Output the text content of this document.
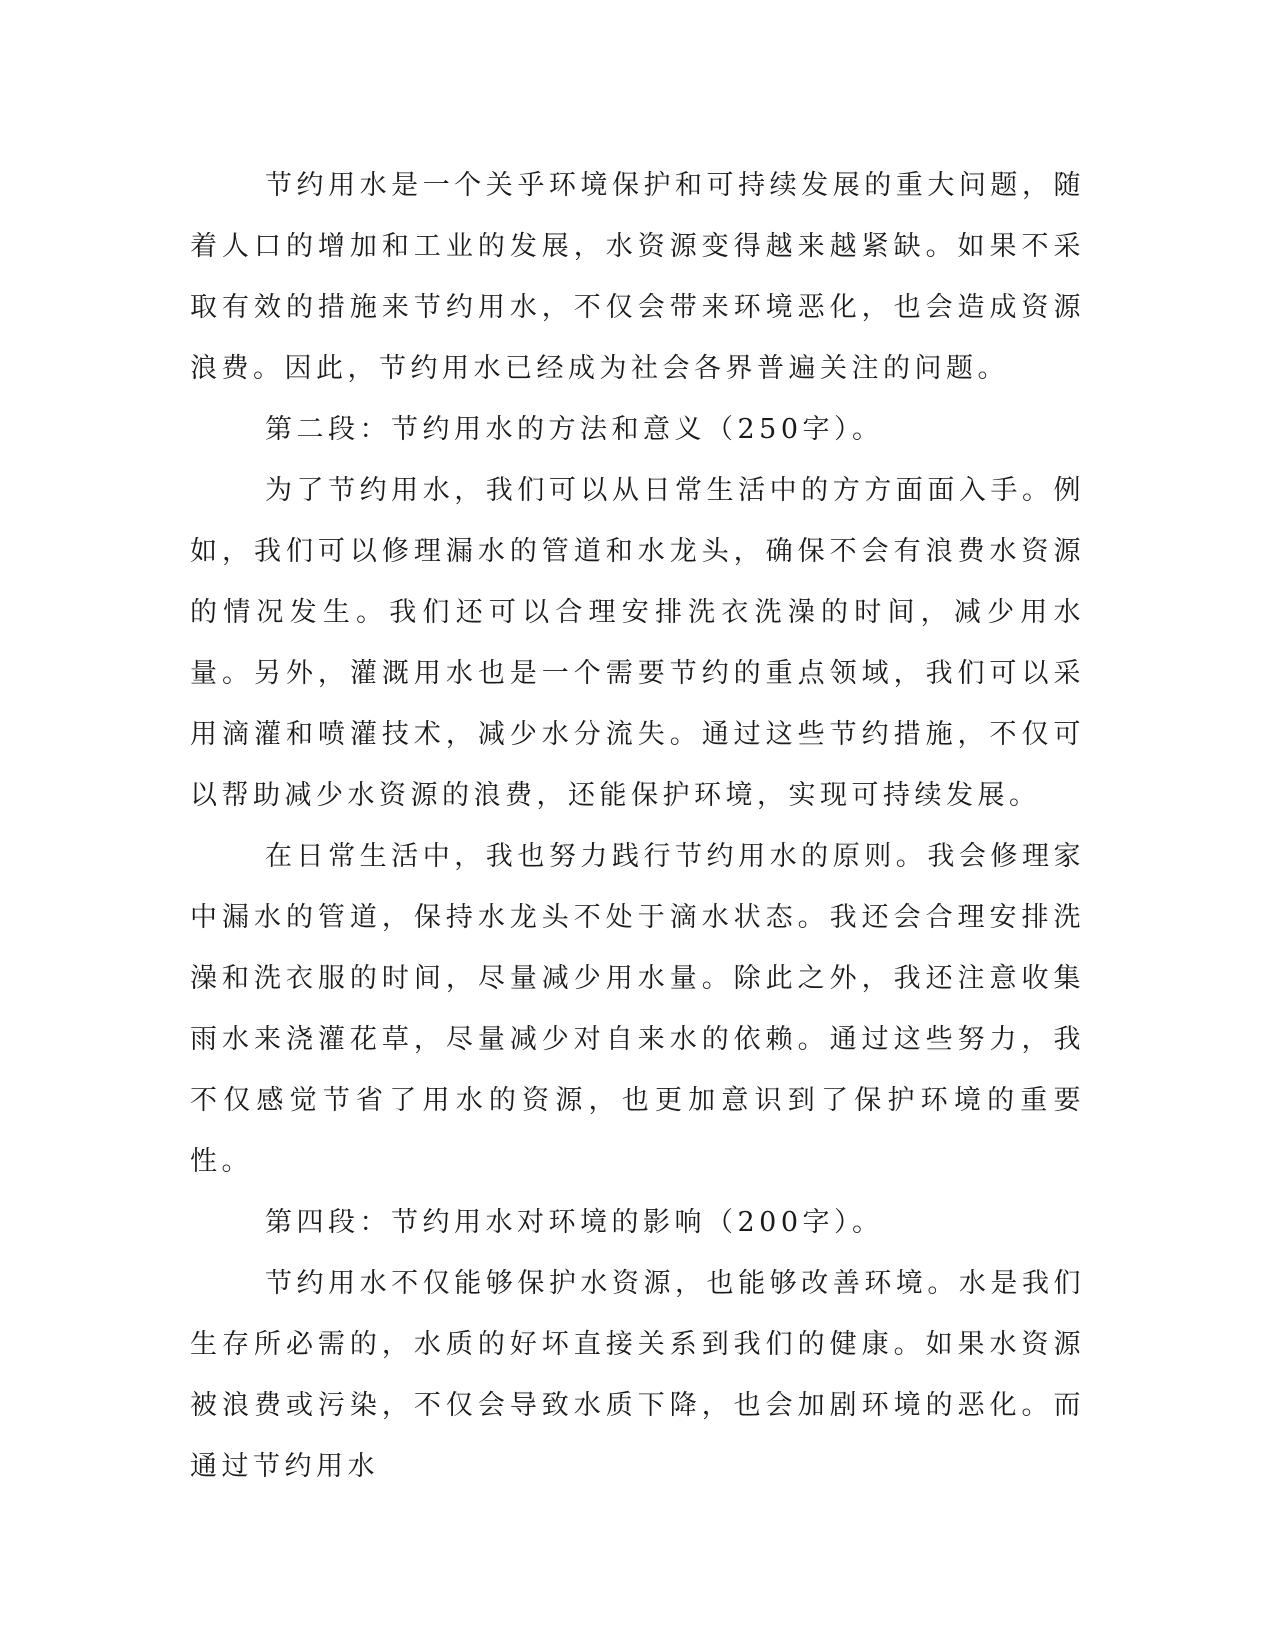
节约用水是一个关乎环境保护和可持续发展的重大问题，随着人口的增加和工业的发展，水资源变得越来越紧缺。如果不采取有效的措施来节约用水，不仅会带来环境恶化，也会造成资源浪费。因此，节约用水已经成为社会各界普遍关注的问题。

第二段：节约用水的方法和意义（250字）。

为了节约用水，我们可以从日常生活中的方方面面入手。例如，我们可以修理漏水的管道和水龙头，确保不会有浪费水资源的情况发生。我们还可以合理安排洗衣洗澡的时间，减少用水量。另外，灌溉用水也是一个需要节约的重点领域，我们可以采用滴灌和喷灌技术，减少水分流失。通过这些节约措施，不仅可以帮助减少水资源的浪费，还能保护环境，实现可持续发展。

在日常生活中，我也努力践行节约用水的原则。我会修理家中漏水的管道，保持水龙头不处于滴水状态。我还会合理安排洗澡和洗衣服的时间，尽量减少用水量。除此之外，我还注意收集雨水来浇灌花草，尽量减少对自来水的依赖。通过这些努力，我不仅感觉节省了用水的资源，也更加意识到了保护环境的重要性。

第四段：节约用水对环境的影响（200字）。

节约用水不仅能够保护水资源，也能够改善环境。水是我们生存所必需的，水质的好坏直接关系到我们的健康。如果水资源被浪费或污染，不仅会导致水质下降，也会加剧环境的恶化。而通过节约用水
